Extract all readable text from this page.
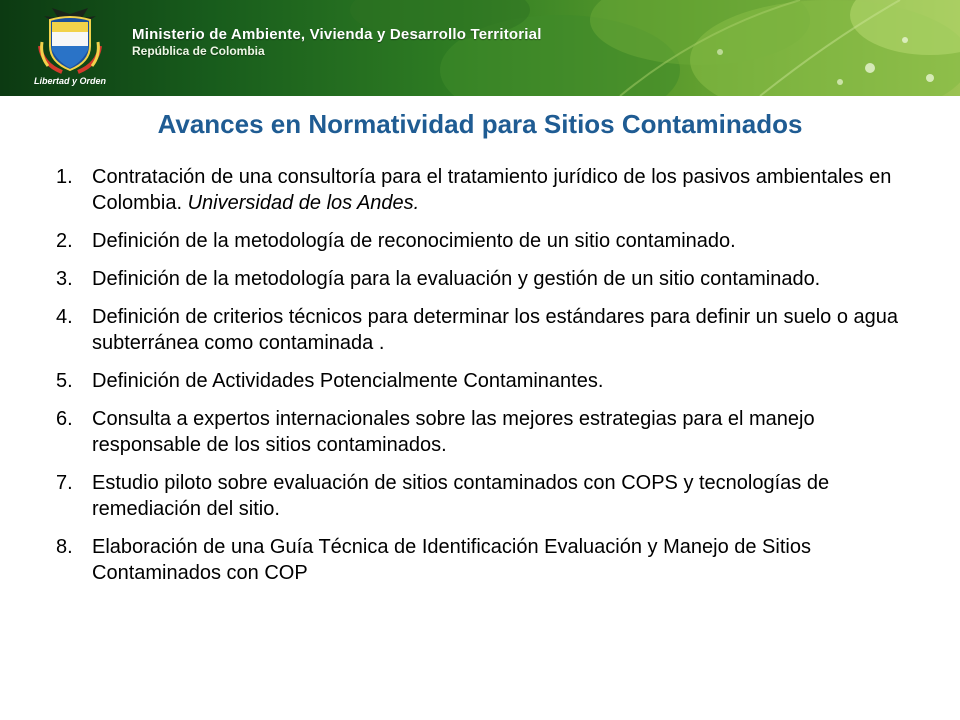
Libertad y Orden
Ministerio de Ambiente, Vivienda y Desarrollo Territorial
República de Colombia
Avances en Normatividad para Sitios Contaminados
1. Contratación de una consultoría para el tratamiento jurídico de los pasivos ambientales en Colombia. Universidad de los Andes.
2. Definición de la metodología de reconocimiento de un sitio contaminado.
3. Definición de la metodología para la evaluación y gestión de un sitio contaminado.
4. Definición de criterios técnicos para determinar los estándares para definir un suelo o agua subterránea como contaminada .
5. Definición de Actividades Potencialmente Contaminantes.
6. Consulta a expertos internacionales sobre las mejores estrategias para el manejo responsable de los sitios contaminados.
7. Estudio piloto sobre evaluación de sitios contaminados con COPS y tecnologías de remediación del sitio.
8. Elaboración de una Guía Técnica de Identificación Evaluación y Manejo de Sitios Contaminados con COP
